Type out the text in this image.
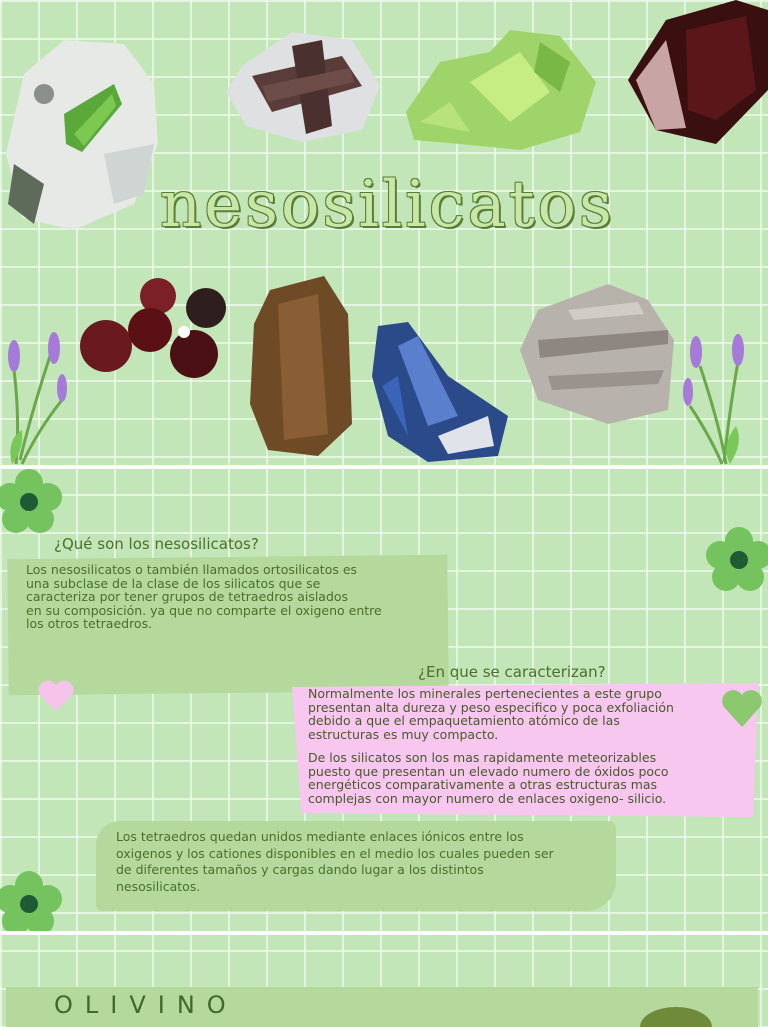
nesosilicatos
¿Qué son los nesosilicatos?
Los nesosilicatos o también llamados ortosilicatos es
una subclase de la clase de los silicatos que se
caracteriza por tener grupos de tetraedros aislados
en su composición. ya que no comparte el oxigeno entre
los otros tetraedros.
¿En que se caracterizan?
Normalmente los minerales pertenecientes a este grupo
presentan alta dureza y peso especifico y poca exfoliación
debido a que el empaquetamiento atómico de las
estructuras es muy compacto.
De los silicatos son los mas rapidamente meteorizables
puesto que presentan un elevado numero de óxidos poco
energéticos comparativamente a otras estructuras mas
complejas con mayor numero de enlaces oxigeno- silicio.
Los tetraedros quedan unidos mediante enlaces iónicos entre los
oxigenos y los cationes disponibles en el medio los cuales pueden ser
de diferentes tamaños y cargas dando lugar a los distintos
nesosilicatos.
OLIVINO
